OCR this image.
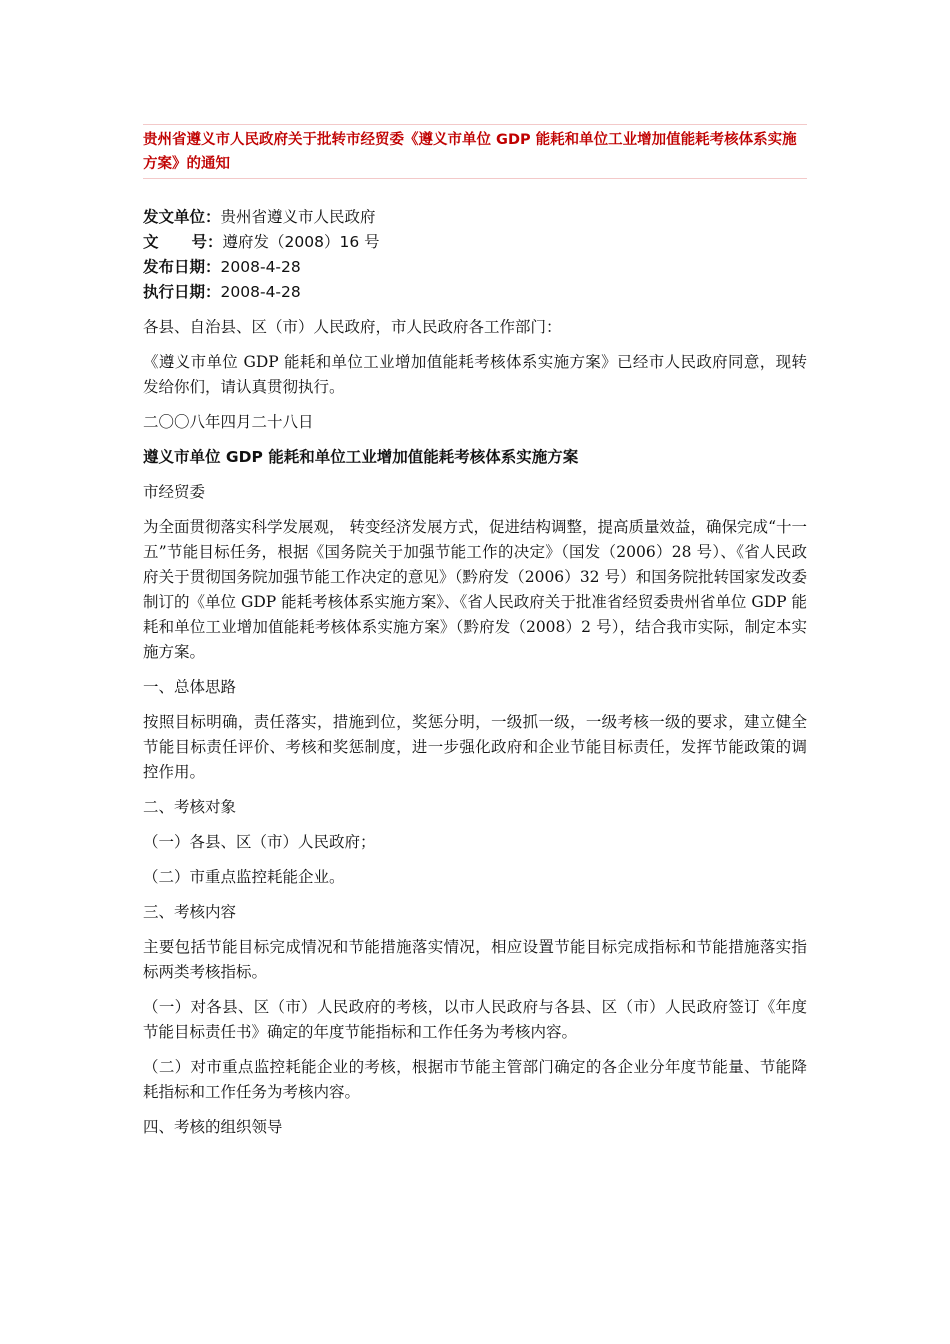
贵州省遵义市人民政府关于批转市经贸委《遵义市单位 GDP 能耗和单位工业增加值能耗考核体系实施方案》的通知

发文单位 ： 贵州省遵义市人民政府
文号 ： 遵府发（2008）16 号
发布日期 ： 2008-4-28
执行日期 ： 2008-4-28

各县、自治县、区（市）人民政府，市人民政府各工作部门：

《遵义市单位 GDP 能耗和单位工业增加值能耗考核体系实施方案》已经市人民政府同意，现转发给你们，请认真贯彻执行。

二〇〇八年四月二十八日

遵义市单位 GDP 能耗和单位工业增加值能耗考核体系实施方案

市经贸委

为全面贯彻落实科学发展观， 转变经济发展方式，促进结构调整，提高质量效益，确保完成“十一五”节能目标任务，根据《国务院关于加强节能工作的决定》（国发（2006）28 号）、《省人民政府关于贯彻国务院加强节能工作决定的意见》（黔府发（2006）32 号）和国务院批转国家发改委制订的《单位 GDP 能耗考核体系实施方案》、《省人民政府关于批准省经贸委贵州省单位 GDP 能耗和单位工业增加值能耗考核体系实施方案》（黔府发（2008）2 号），结合我市实际，制定本实施方案。

一、总体思路

按照目标明确，责任落实，措施到位，奖惩分明，一级抓一级，一级考核一级的要求，建立健全节能目标责任评价、考核和奖惩制度，进一步强化政府和企业节能目标责任，发挥节能政策的调控作用。

二、考核对象

（一）各县、区（市）人民政府；

（二）市重点监控耗能企业。

三、考核内容

主要包括节能目标完成情况和节能措施落实情况，相应设置节能目标完成指标和节能措施落实指标两类考核指标。

（一）对各县、区（市）人民政府的考核，以市人民政府与各县、区（市）人民政府签订《年度节能目标责任书》确定的年度节能指标和工作任务为考核内容。

（二）对市重点监控耗能企业的考核，根据市节能主管部门确定的各企业分年度节能量、节能降耗指标和工作任务为考核内容。

四、考核的组织领导
